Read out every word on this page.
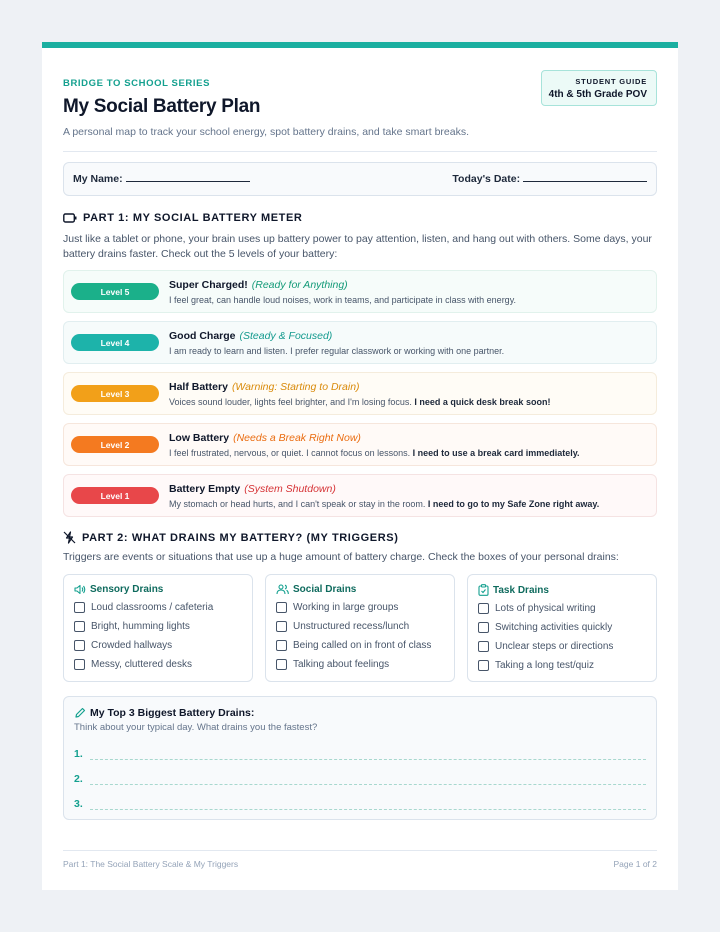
BRIDGE TO SCHOOL SERIES
My Social Battery Plan
A personal map to track your school energy, spot battery drains, and take smart breaks.
STUDENT GUIDE
4th & 5th Grade POV
My Name:	Today's Date:
PART 1: MY SOCIAL BATTERY METER
Just like a tablet or phone, your brain uses up battery power to pay attention, listen, and hang out with others. Some days, your battery drains faster. Check out the 5 levels of your battery:
Level 5
Super Charged! (Ready for Anything)
I feel great, can handle loud noises, work in teams, and participate in class with energy.
Level 4
Good Charge (Steady & Focused)
I am ready to learn and listen. I prefer regular classwork or working with one partner.
Level 3
Half Battery (Warning: Starting to Drain)
Voices sound louder, lights feel brighter, and I'm losing focus. I need a quick desk break soon!
Level 2
Low Battery (Needs a Break Right Now)
I feel frustrated, nervous, or quiet. I cannot focus on lessons. I need to use a break card immediately.
Level 1
Battery Empty (System Shutdown)
My stomach or head hurts, and I can't speak or stay in the room. I need to go to my Safe Zone right away.
PART 2: WHAT DRAINS MY BATTERY? (MY TRIGGERS)
Triggers are events or situations that use up a huge amount of battery charge. Check the boxes of your personal drains:
Sensory Drains
Loud classrooms / cafeteria
Bright, humming lights
Crowded hallways
Messy, cluttered desks
Social Drains
Working in large groups
Unstructured recess/lunch
Being called on in front of class
Talking about feelings
Task Drains
Lots of physical writing
Switching activities quickly
Unclear steps or directions
Taking a long test/quiz
My Top 3 Biggest Battery Drains:
Think about your typical day. What drains you the fastest?
1.
2.
3.
Part 1: The Social Battery Scale & My Triggers	Page 1 of 2
